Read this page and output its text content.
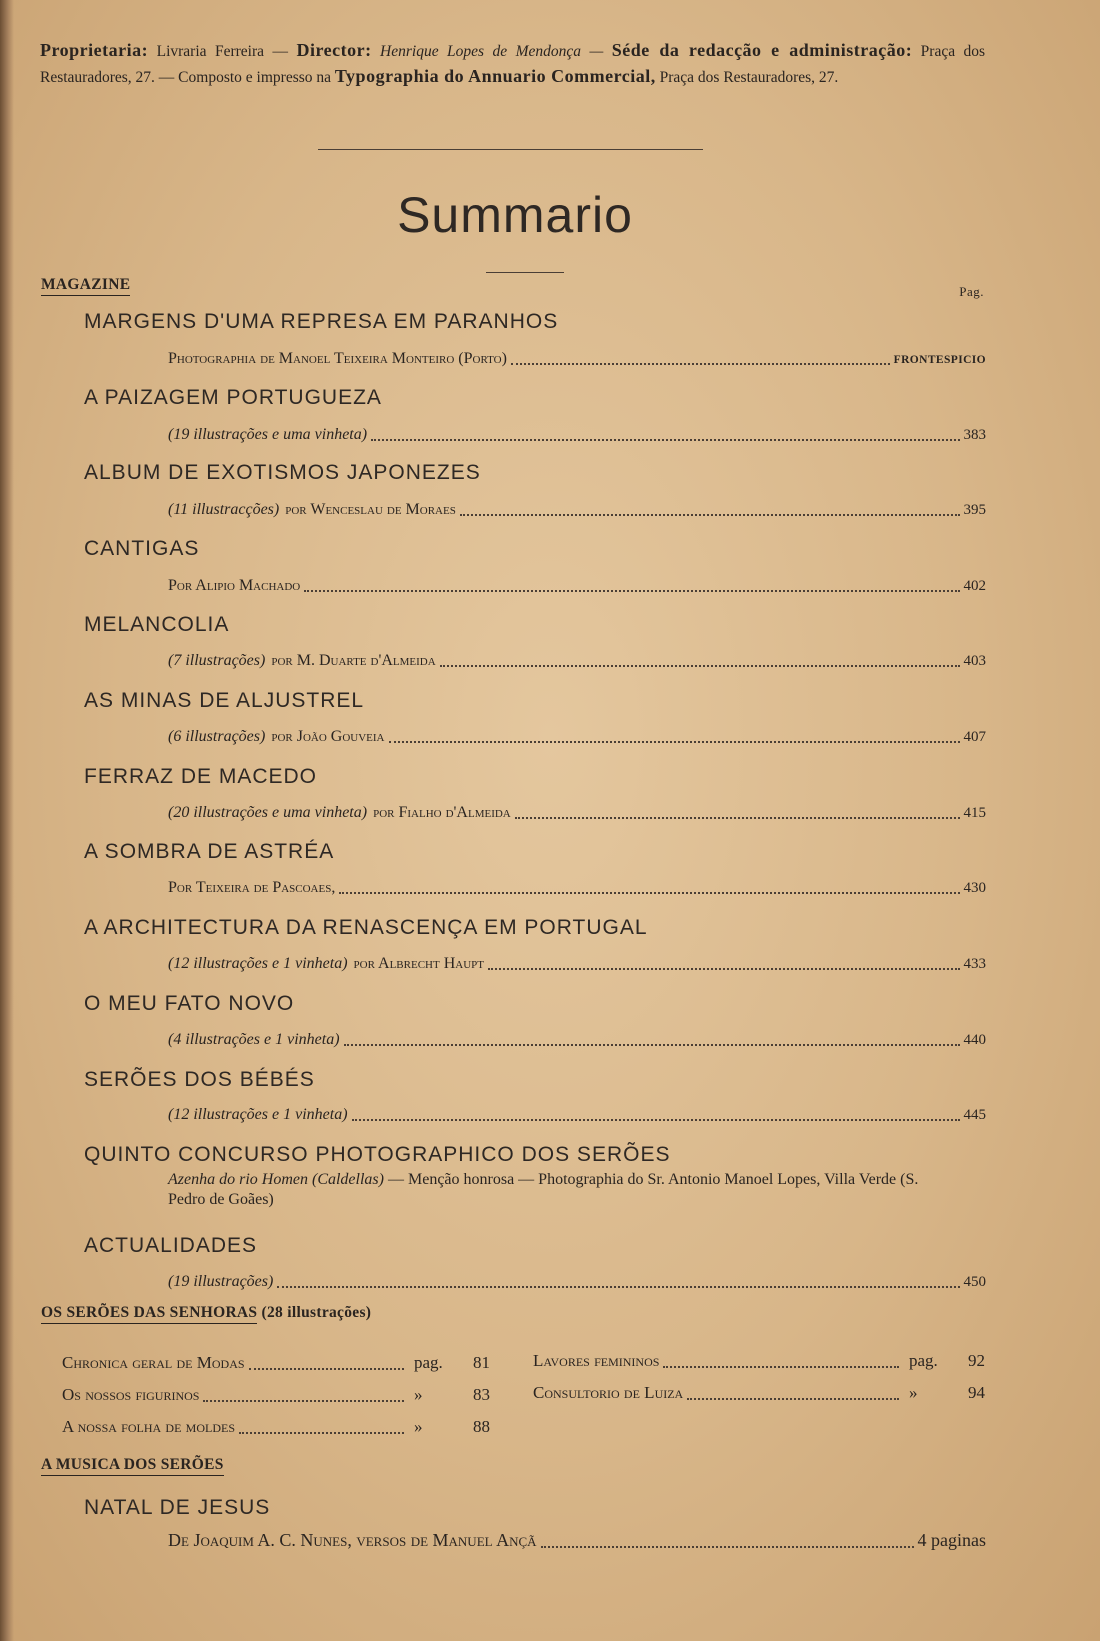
Proprietaria: Livraria Ferreira — Director: Henrique Lopes de Mendonça — Séde da redacção e administração: Praça dos Restauradores, 27. — Composto e impresso na Typographia do Annuario Commercial, Praça dos Restauradores, 27.
Summario
MAGAZINE	Pag.
MARGENS D'UMA REPRESA EM PARANHOS
Photographia de Manoel Teixeira Monteiro (Porto)	FRONTESPICIO
A PAIZAGEM PORTUGUEZA
(19 illustrações e uma vinheta)	383
ALBUM DE EXOTISMOS JAPONEZES
(11 illustracções) por Wenceslau de Moraes	395
CANTIGAS
Por Alipio Machado	402
MELANCOLIA
(7 illustrações) por M. Duarte d'Almeida	403
AS MINAS DE ALJUSTREL
(6 illustrações) por João Gouveia	407
FERRAZ DE MACEDO
(20 illustrações e uma vinheta) por Fialho d'Almeida	415
A SOMBRA DE ASTRÉA
Por Teixeira de Pascoaes,	430
A ARCHITECTURA DA RENASCENÇA EM PORTUGAL
(12 illustrações e 1 vinheta) por Albrecht Haupt	433
O MEU FATO NOVO
(4 illustrações e 1 vinheta)	440
SERÕES DOS BÉBÉS
(12 illustrações e 1 vinheta)	445
QUINTO CONCURSO PHOTOGRAPHICO DOS SERÕES
Azenha do rio Homen (Caldellas) — Menção honrosa — Photographia do Sr. Antonio Manoel Lopes, Villa Verde (S. Pedro de Goães)
ACTUALIDADES
(19 illustrações)	450
OS SERÕES DAS SENHORAS (28 illustrações)
Chronica geral de Modas	pag.	81
Os nossos figurinos	»	83
A nossa folha de moldes	»	88
Lavores femininos	pag.	92
Consultorio de Luiza	»	94
A MUSICA DOS SERÕES
NATAL DE JESUS
De Joaquim A. C. Nunes, versos de Manuel Ançã	4 paginas
